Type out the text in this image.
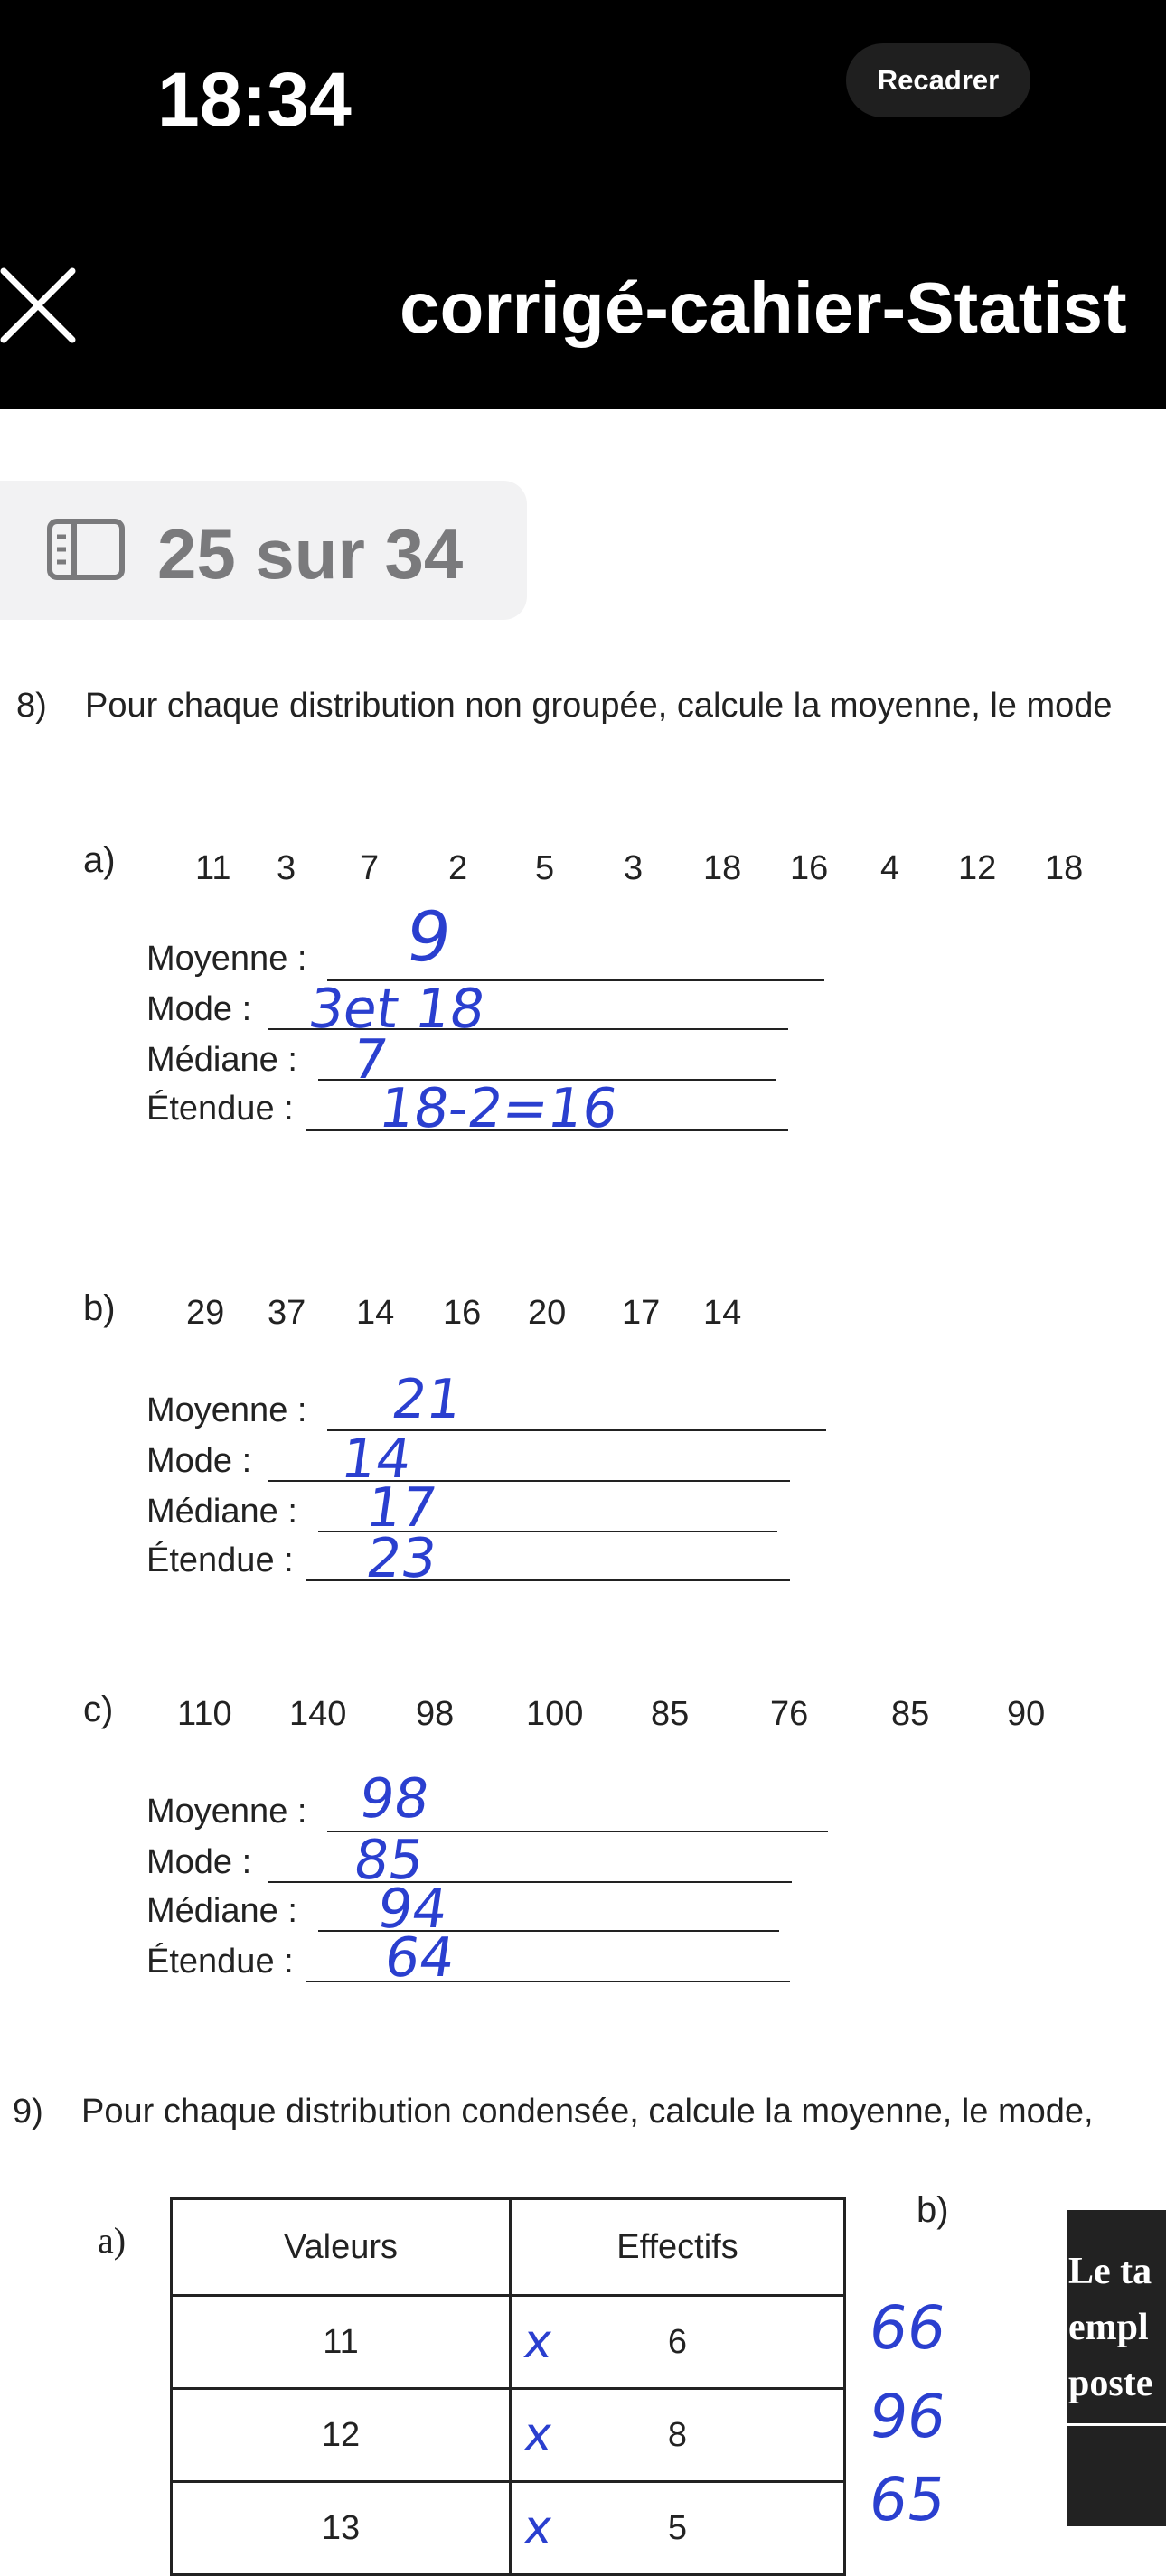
18:34	Recadrer
corrigé-cahier-Statist
25 sur 34
8) Pour chaque distribution non groupée, calcule la moyenne, le mode
a) 11 3 7 2 5 3 18 16 4 12 18
Moyenne : 9
Mode : 3et 18
Médiane : 7
Étendue : 18-2=16
b) 29 37 14 16 20 17 14
Moyenne : 21
Mode : 14
Médiane : 17
Étendue : 23
c) 110 140 98 100 85 76 85 90
Moyenne : 98
Mode : 85
Médiane : 94
Étendue : 64
9) Pour chaque distribution condensée, calcule la moyenne, le mode,
a)	Valeurs	Effectifs
11	x 6
12	x 8
13	x 5
66
96
65
b)
Le ta
empl
poste
